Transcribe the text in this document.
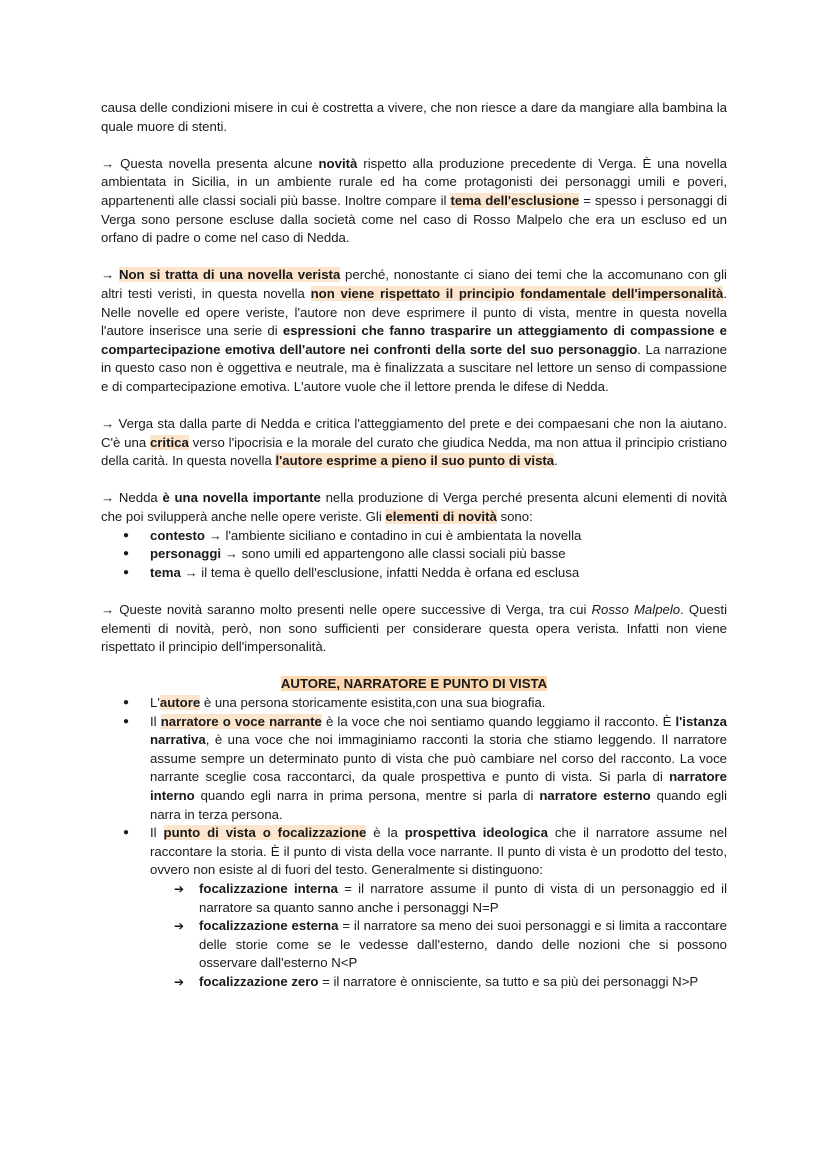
causa delle condizioni misere in cui è costretta a vivere, che non riesce a dare da mangiare alla bambina la quale muore di stenti.

→ Questa novella presenta alcune novità rispetto alla produzione precedente di Verga. È una novella ambientata in Sicilia, in un ambiente rurale ed ha come protagonisti dei personaggi umili e poveri, appartenenti alle classi sociali più basse. Inoltre compare il tema dell'esclusione = spesso i personaggi di Verga sono persone escluse dalla società come nel caso di Rosso Malpelo che era un escluso ed un orfano di padre o come nel caso di Nedda.

→ Non si tratta di una novella verista perché, nonostante ci siano dei temi che la accomunano con gli altri testi veristi, in questa novella non viene rispettato il principio fondamentale dell'impersonalità. Nelle novelle ed opere veriste, l'autore non deve esprimere il punto di vista, mentre in questa novella l'autore inserisce una serie di espressioni che fanno trasparire un atteggiamento di compassione e compartecipazione emotiva dell'autore nei confronti della sorte del suo personaggio. La narrazione in questo caso non è oggettiva e neutrale, ma è finalizzata a suscitare nel lettore un senso di compassione e di compartecipazione emotiva. L'autore vuole che il lettore prenda le difese di Nedda.

→ Verga sta dalla parte di Nedda e critica l'atteggiamento del prete e dei compaesani che non la aiutano. C'è una critica verso l'ipocrisia e la morale del curato che giudica Nedda, ma non attua il principio cristiano della carità. In questa novella l'autore esprime a pieno il suo punto di vista.

→ Nedda è una novella importante nella produzione di Verga perché presenta alcuni elementi di novità che poi svilupperà anche nelle opere veriste. Gli elementi di novità sono:

● contesto → l'ambiente siciliano e contadino in cui è ambientata la novella
● personaggi → sono umili ed appartengono alle classi sociali più basse
● tema → il tema è quello dell'esclusione, infatti Nedda è orfana ed esclusa

→ Queste novità saranno molto presenti nelle opere successive di Verga, tra cui Rosso Malpelo. Questi elementi di novità, però, non sono sufficienti per considerare questa opera verista. Infatti non viene rispettato il principio dell'impersonalità.

AUTORE, NARRATORE E PUNTO DI VISTA
● L'autore è una persona storicamente esistita,con una sua biografia.
● Il narratore o voce narrante è la voce che noi sentiamo quando leggiamo il racconto. È l'istanza narrativa, è una voce che noi immaginiamo racconti la storia che stiamo leggendo. Il narratore assume sempre un determinato punto di vista che può cambiare nel corso del racconto. La voce narrante sceglie cosa raccontarci, da quale prospettiva e punto di vista. Si parla di narratore interno quando egli narra in prima persona, mentre si parla di narratore esterno quando egli narra in terza persona.
● Il punto di vista o focalizzazione è la prospettiva ideologica che il narratore assume nel raccontare la storia. È il punto di vista della voce narrante. Il punto di vista è un prodotto del testo, ovvero non esiste al di fuori del testo. Generalmente si distinguono:
➔ focalizzazione interna = il narratore assume il punto di vista di un personaggio ed il narratore sa quanto sanno anche i personaggi N=P
➔ focalizzazione esterna = il narratore sa meno dei suoi personaggi e si limita a raccontare delle storie come se le vedesse dall'esterno, dando delle nozioni che si possono osservare dall'esterno N<P
➔ focalizzazione zero = il narratore è onnisciente, sa tutto e sa più dei personaggi N>P
